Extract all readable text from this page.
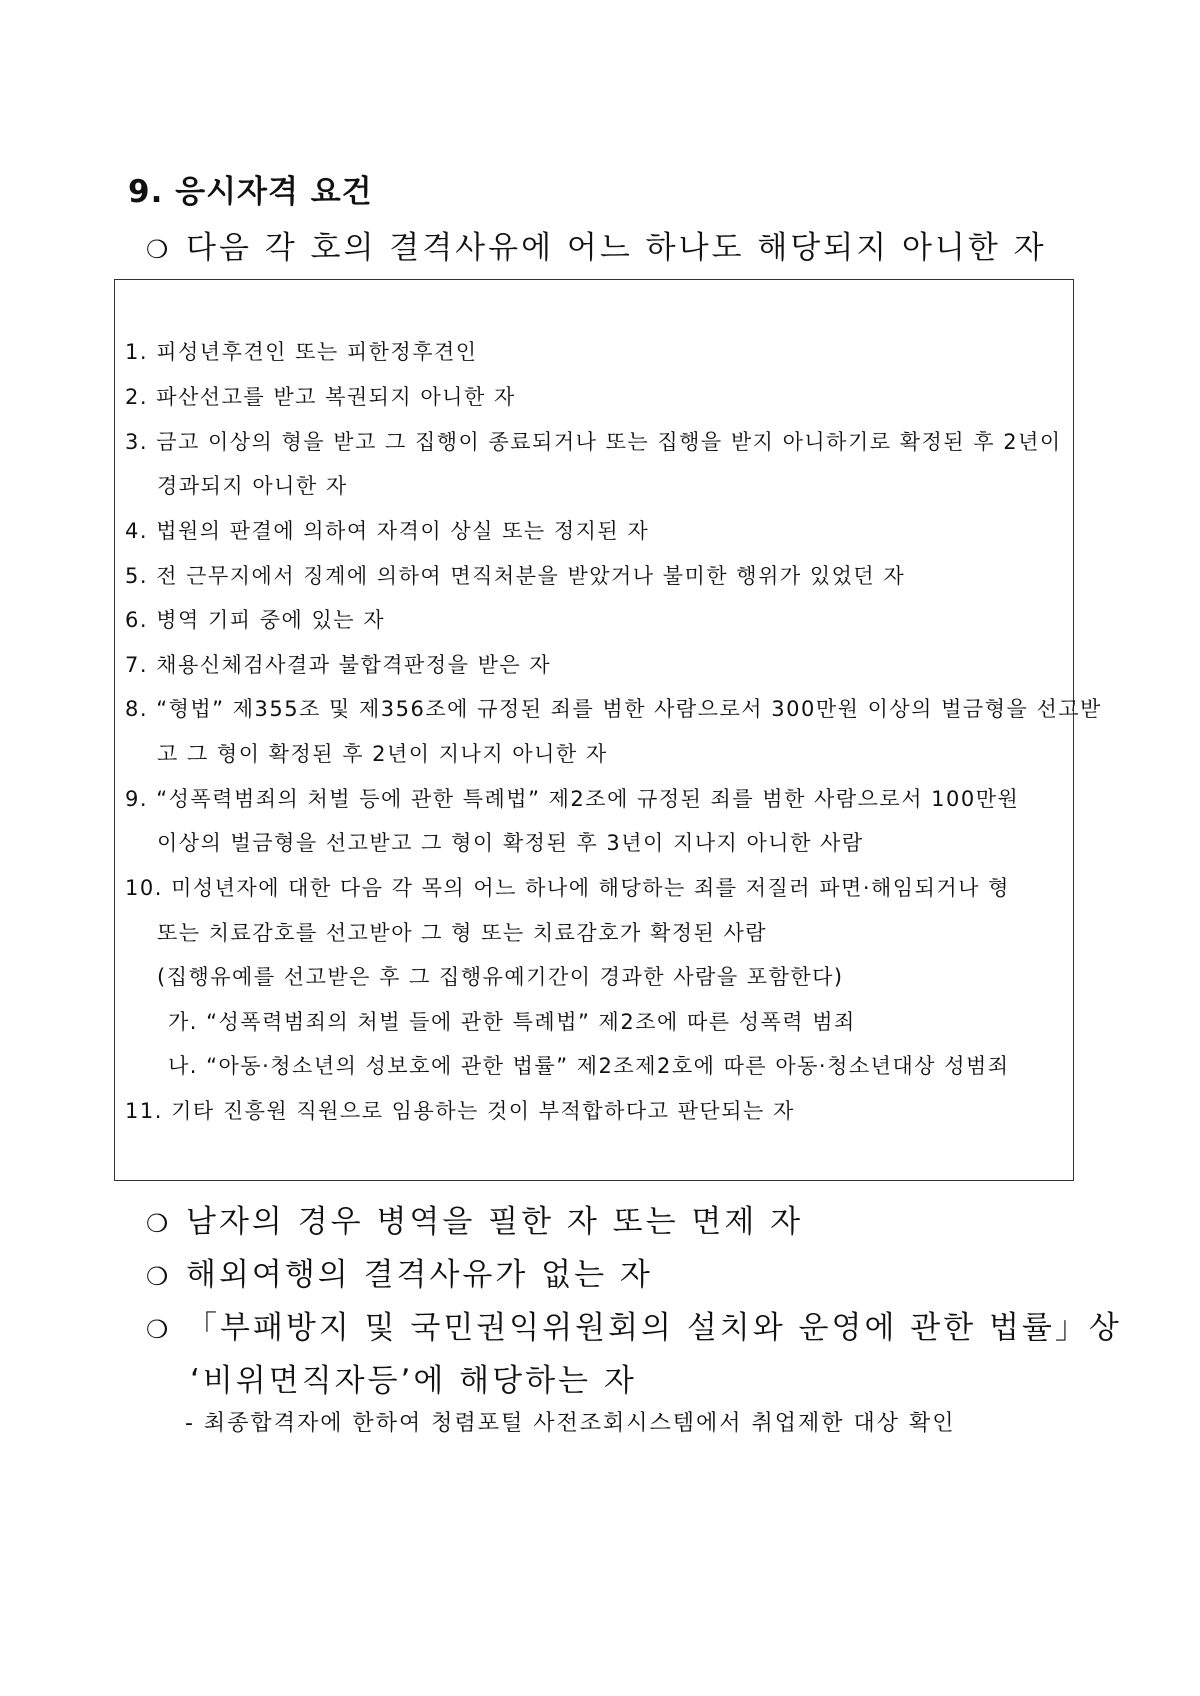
9. 응시자격 요건
❍ 다음 각 호의 결격사유에 어느 하나도 해당되지 아니한 자
1. 피성년후견인 또는 피한정후견인
2. 파산선고를 받고 복권되지 아니한 자
3. 금고 이상의 형을 받고 그 집행이 종료되거나 또는 집행을 받지 아니하기로 확정된 후 2년이
경과되지 아니한 자
4. 법원의 판결에 의하여 자격이 상실 또는 정지된 자
5. 전 근무지에서 징계에 의하여 면직처분을 받았거나 불미한 행위가 있었던 자
6. 병역 기피 중에 있는 자
7. 채용신체검사결과 불합격판정을 받은 자
8. “형법” 제355조 및 제356조에 규정된 죄를 범한 사람으로서 300만원 이상의 벌금형을 선고받
고 그 형이 확정된 후 2년이 지나지 아니한 자
9. “성폭력범죄의 처벌 등에 관한 특례법” 제2조에 규정된 죄를 범한 사람으로서 100만원
이상의 벌금형을 선고받고 그 형이 확정된 후 3년이 지나지 아니한 사람
10. 미성년자에 대한 다음 각 목의 어느 하나에 해당하는 죄를 저질러 파면·해임되거나 형
또는 치료감호를 선고받아 그 형 또는 치료감호가 확정된 사람
(집행유예를 선고받은 후 그 집행유예기간이 경과한 사람을 포함한다)
가. “성폭력범죄의 처벌 들에 관한 특례법” 제2조에 따른 성폭력 범죄
나. “아동·청소년의 성보호에 관한 법률” 제2조제2호에 따른 아동·청소년대상 성범죄
11. 기타 진흥원 직원으로 임용하는 것이 부적합하다고 판단되는 자
❍ 남자의 경우 병역을 필한 자 또는 면제 자
❍ 해외여행의 결격사유가 없는 자
❍ 「부패방지 및 국민권익위원회의 설치와 운영에 관한 법률」상
‘비위면직자등’에 해당하는 자
- 최종합격자에 한하여 청렴포털 사전조회시스템에서 취업제한 대상 확인
